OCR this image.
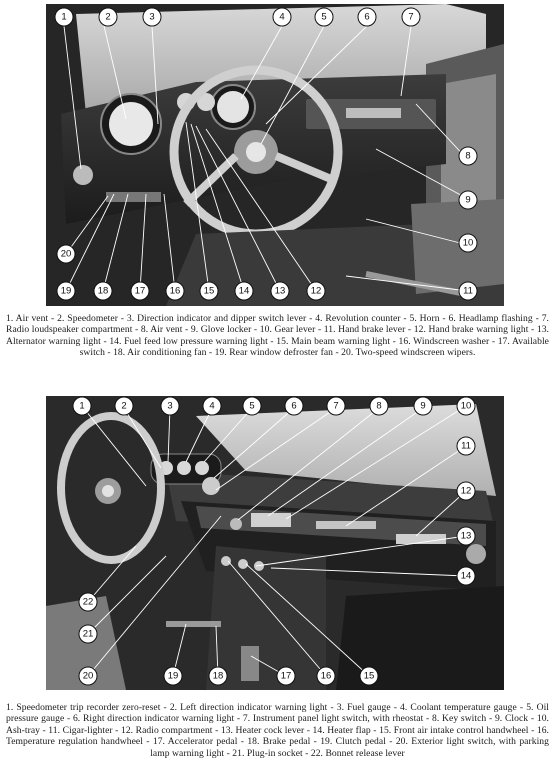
1	2	3	4	5	6	7
8
9
10
11
12
13
14
15
16
17
18
19
20
1. Air vent - 2. Speedometer - 3. Direction indicator and dipper switch lever - 4. Revolution counter - 5. Horn - 6. Headlamp flashing - 7. Radio loudspeaker compartment - 8. Air vent - 9. Glove locker - 10. Gear lever - 11. Hand brake lever - 12. Hand brake warning light - 13. Alternator warning light - 14. Fuel feed low pressure warning light - 15. Main beam warning light - 16. Windscreen washer - 17. Available switch - 18. Air conditioning fan - 19. Rear window defroster fan - 20. Two-speed windscreen wipers.
1	2	3	4	5	6	7	8	9	10
11
12
13
14
15
16
17
18
19
20
21
22
1. Speedometer trip recorder zero-reset - 2. Left direction indicator warning light - 3. Fuel gauge - 4. Coolant temperature gauge - 5. Oil pressure gauge - 6. Right direction indicator warning light - 7. Instrument panel light switch, with rheostat - 8. Key switch - 9. Clock - 10. Ash-tray - 11. Cigar-lighter - 12. Radio compartment - 13. Heater cock lever - 14. Heater flap - 15. Front air intake control handwheel - 16. Temperature regulation handwheel - 17. Accelerator pedal - 18. Brake pedal - 19. Clutch pedal - 20. Exterior light switch, with parking lamp warning light - 21. Plug-in socket - 22. Bonnet release lever
